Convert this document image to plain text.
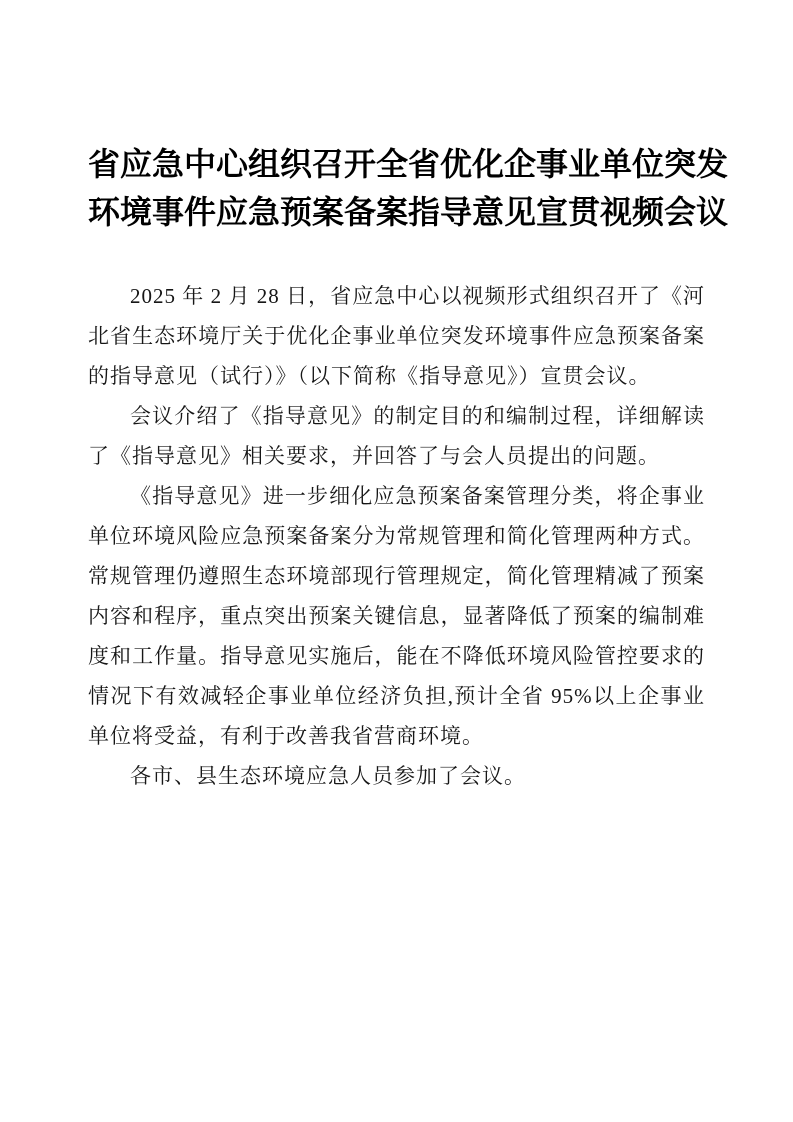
省应急中心组织召开全省优化企事业单位突发
环境事件应急预案备案指导意见宣贯视频会议

2025 年 2 月 28 日，省应急中心以视频形式组织召开了《河北省生态环境厅关于优化企事业单位突发环境事件应急预案备案的指导意见（试行）》（以下简称《指导意见》）宣贯会议。

会议介绍了《指导意见》的制定目的和编制过程，详细解读了《指导意见》相关要求，并回答了与会人员提出的问题。

《指导意见》进一步细化应急预案备案管理分类，将企事业单位环境风险应急预案备案分为常规管理和简化管理两种方式。常规管理仍遵照生态环境部现行管理规定，简化管理精减了预案内容和程序，重点突出预案关键信息，显著降低了预案的编制难度和工作量。指导意见实施后，能在不降低环境风险管控要求的情况下有效减轻企事业单位经济负担,预计全省 95%以上企事业单位将受益，有利于改善我省营商环境。

各市、县生态环境应急人员参加了会议。
